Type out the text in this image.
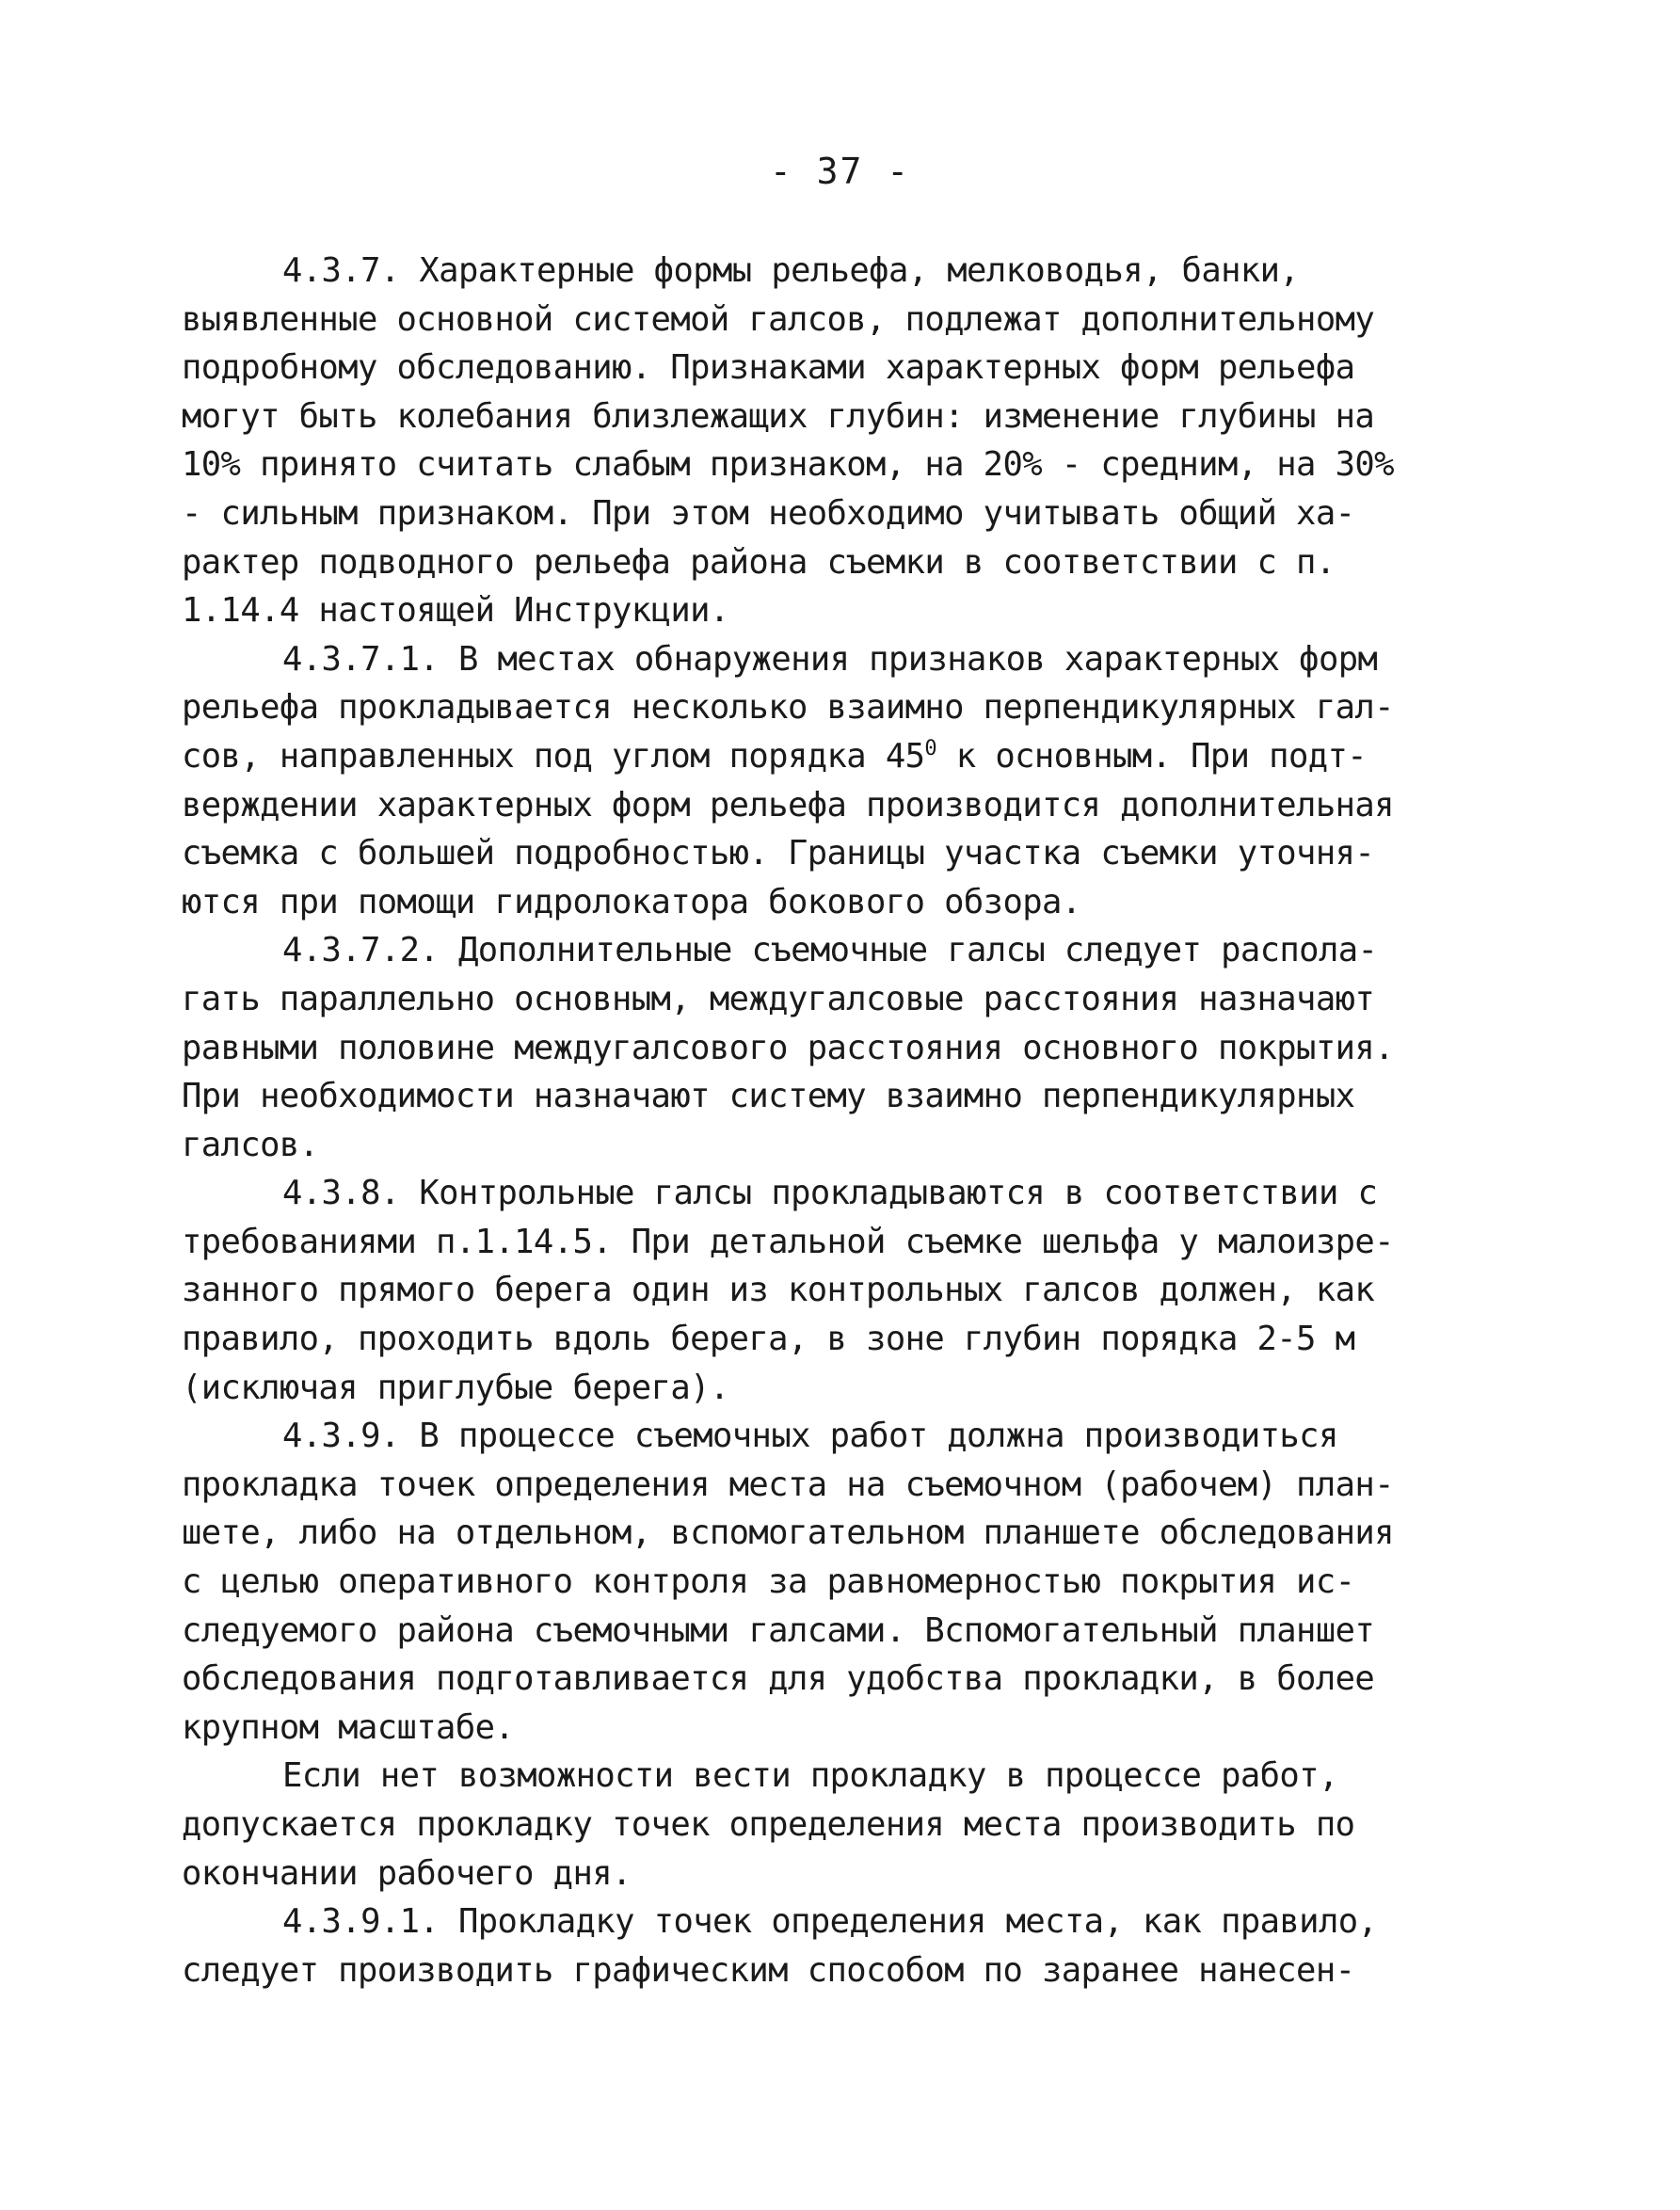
- 37 -
4.3.7. Характерные формы рельефа, мелководья, банки,
выявленные основной системой галсов, подлежат дополнительному
подробному обследованию. Признаками характерных форм рельефа
могут быть колебания близлежащих глубин: изменение глубины на
10% принято считать слабым признаком, на 20% - средним, на 30%
- сильным признаком. При этом необходимо учитывать общий ха-
рактер подводного рельефа района съемки в соответствии с п.
1.14.4 настоящей Инструкции.
4.3.7.1. В местах обнаружения признаков характерных форм
рельефа прокладывается несколько взаимно перпендикулярных гал-
сов, направленных под углом порядка $45^0$ к основным. При подт-
верждении характерных форм рельефа производится дополнительная
съемка с большей подробностью. Границы участка съемки уточня-
ются при помощи гидролокатора бокового обзора.
4.3.7.2. Дополнительные съемочные галсы следует распола-
гать параллельно основным, междугалсовые расстояния назначают
равными половине междугалсового расстояния основного покрытия.
При необходимости назначают систему взаимно перпендикулярных
галсов.
4.3.8. Контрольные галсы прокладываются в соответствии с
требованиями п.1.14.5. При детальной съемке шельфа у малоизре-
занного прямого берега один из контрольных галсов должен, как
правило, проходить вдоль берега, в зоне глубин порядка 2-5 м
(исключая приглубые берега).
4.3.9. В процессе съемочных работ должна производиться
прокладка точек определения места на съемочном (рабочем) план-
шете, либо на отдельном, вспомогательном планшете обследования
с целью оперативного контроля за равномерностью покрытия ис-
следуемого района съемочными галсами. Вспомогательный планшет
обследования подготавливается для удобства прокладки, в более
крупном масштабе.
Если нет возможности вести прокладку в процессе работ,
допускается прокладку точек определения места производить по
окончании рабочего дня.
4.3.9.1. Прокладку точек определения места, как правило,
следует производить графическим способом по заранее нанесен-
